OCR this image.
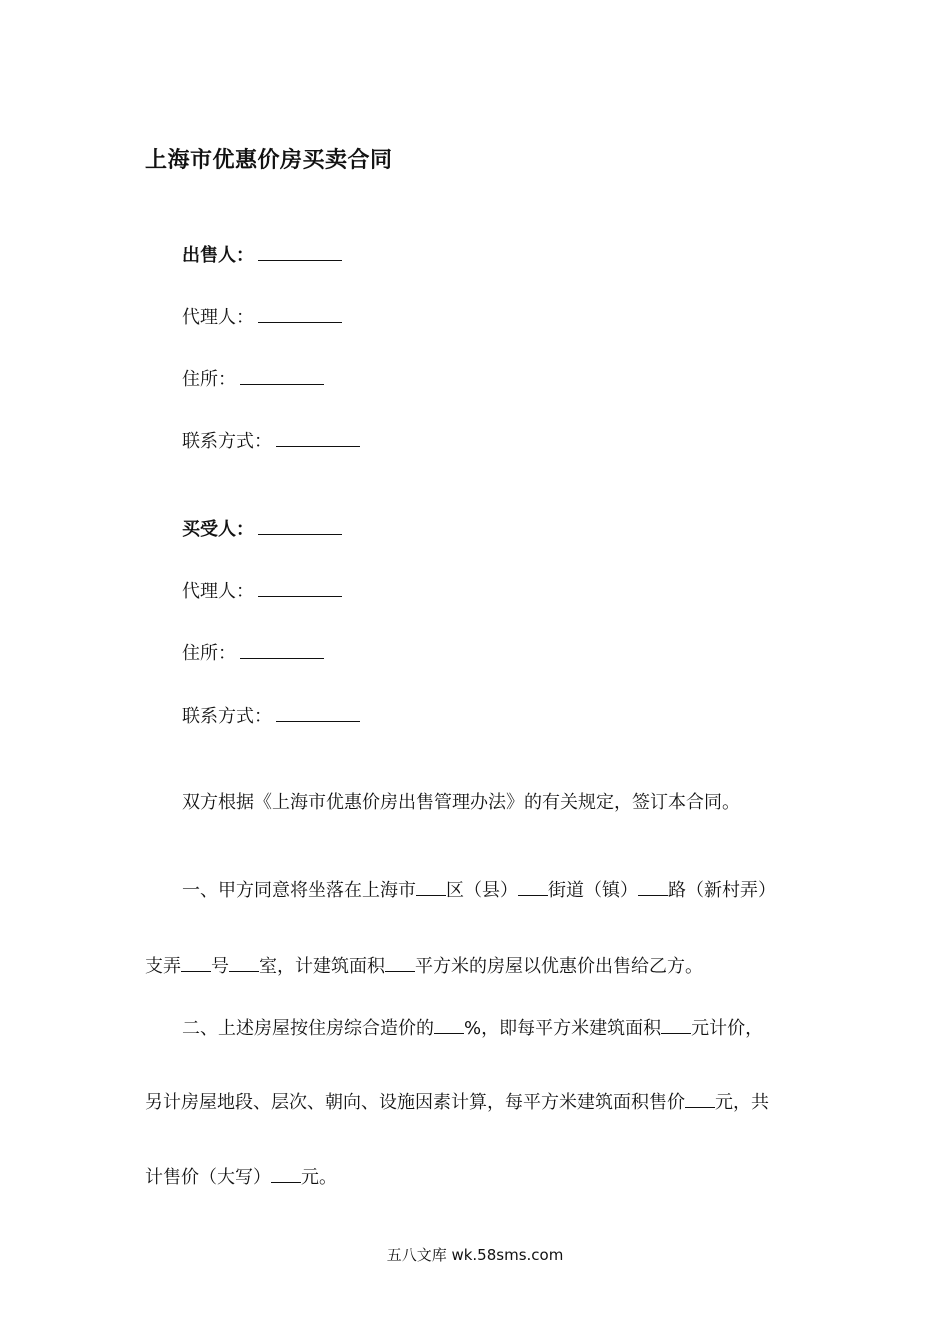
上海市优惠价房买卖合同
出售人：
代理人：
住所：
联系方式：
买受人：
代理人：
住所：
联系方式：
双方根据《上海市优惠价房出售管理办法》的有关规定，签订本合同。
一、甲方同意将坐落在上海市 区（县） 街道（镇） 路（新村弄）
支弄 号 室，计建筑面积 平方米的房屋以优惠价出售给乙方。
二、上述房屋按住房综合造价的 %，即每平方米建筑面积 元计价，
另计房屋地段、层次、朝向、设施因素计算，每平方米建筑面积售价 元，共
计售价（大写） 元。
五八文库 wk.58sms.com
